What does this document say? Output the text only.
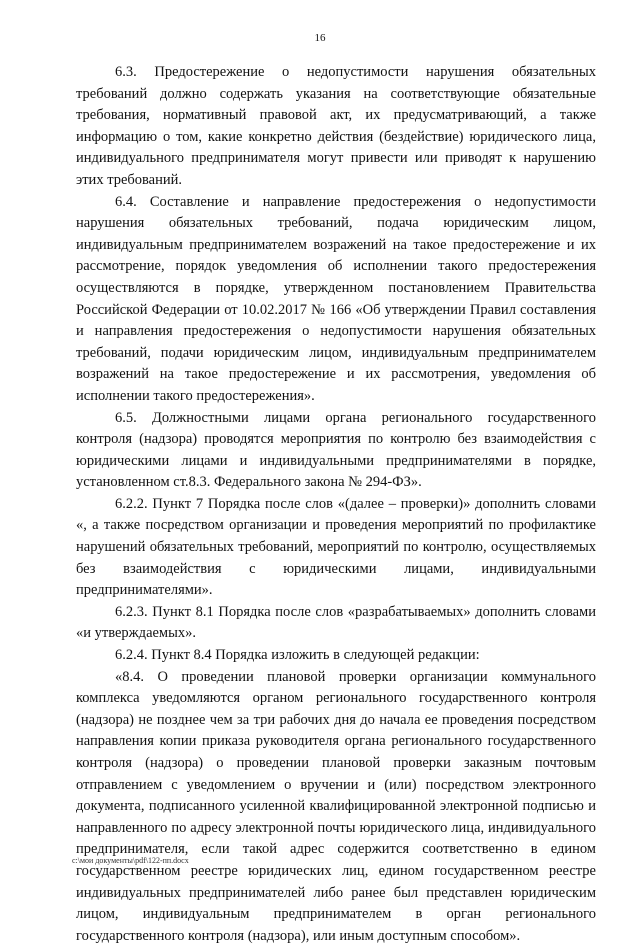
16

6.3. Предостережение о недопустимости нарушения обязательных требований должно содержать указания на соответствующие обязательные требования, нормативный правовой акт, их предусматривающий, а также информацию о том, какие конкретно действия (бездействие) юридического лица, индивидуального предпринимателя могут привести или приводят к нарушению этих требований.

6.4. Составление и направление предостережения о недопустимости нарушения обязательных требований, подача юридическим лицом, индивидуальным предпринимателем возражений на такое предостережение и их рассмотрение, порядок уведомления об исполнении такого предостережения осуществляются в порядке, утвержденном постановлением Правительства Российской Федерации от 10.02.2017 № 166 «Об утверждении Правил составления и направления предостережения о недопустимости нарушения обязательных требований, подачи юридическим лицом, индивидуальным предпринимателем возражений на такое предостережение и их рассмотрения, уведомления об исполнении такого предостережения».

6.5. Должностными лицами органа регионального государственного контроля (надзора) проводятся мероприятия по контролю без взаимодействия с юридическими лицами и индивидуальными предпринимателями в порядке, установленном ст.8.3. Федерального закона № 294-ФЗ».

6.2.2. Пункт 7 Порядка после слов «(далее – проверки)» дополнить словами «, а также посредством организации и проведения мероприятий по профилактике нарушений обязательных требований, мероприятий по контролю, осуществляемых без взаимодействия с юридическими лицами, индивидуальными предпринимателями».

6.2.3. Пункт 8.1 Порядка после слов «разрабатываемых» дополнить словами «и утверждаемых».

6.2.4. Пункт 8.4 Порядка изложить в следующей редакции:

«8.4. О проведении плановой проверки организации коммунального комплекса уведомляются органом регионального государственного контроля (надзора) не позднее чем за три рабочих дня до начала ее проведения посредством направления копии приказа руководителя органа регионального государственного контроля (надзора) о проведении плановой проверки заказным почтовым отправлением с уведомлением о вручении и (или) посредством электронного документа, подписанного усиленной квалифицированной электронной подписью и направленного по адресу электронной почты юридического лица, индивидуального предпринимателя, если такой адрес содержится соответственно в едином государственном реестре юридических лиц, едином государственном реестре индивидуальных предпринимателей либо ранее был представлен юридическим лицом, индивидуальным предпринимателем в орган регионального государственного контроля (надзора), или иным доступным способом».

c:\мои документы\pdf\122-пп.docx
